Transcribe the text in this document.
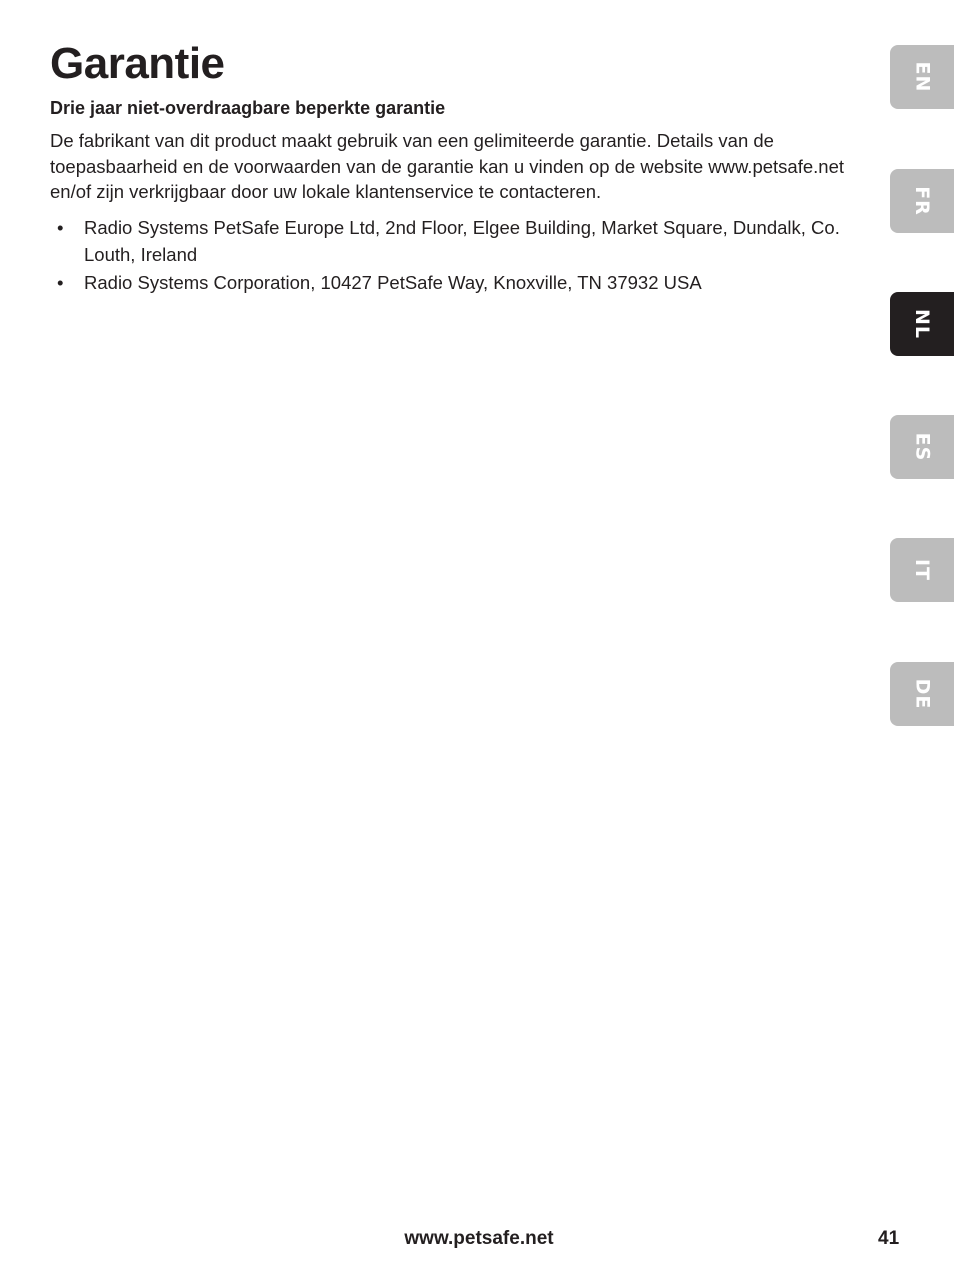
Garantie
Drie jaar niet-overdraagbare beperkte garantie

De fabrikant van dit product maakt gebruik van een gelimiteerde garantie. Details van de toepasbaarheid en de voorwaarden van de garantie kan u vinden op de website www.petsafe.net en/of zijn verkrijgbaar door uw lokale klantenservice te contacteren.

• Radio Systems PetSafe Europe Ltd, 2nd Floor, Elgee Building, Market Square, Dundalk, Co. Louth, Ireland
• Radio Systems Corporation, 10427 PetSafe Way, Knoxville, TN 37932 USA
EN
FR
NL
ES
IT
DE
www.petsafe.net	41
